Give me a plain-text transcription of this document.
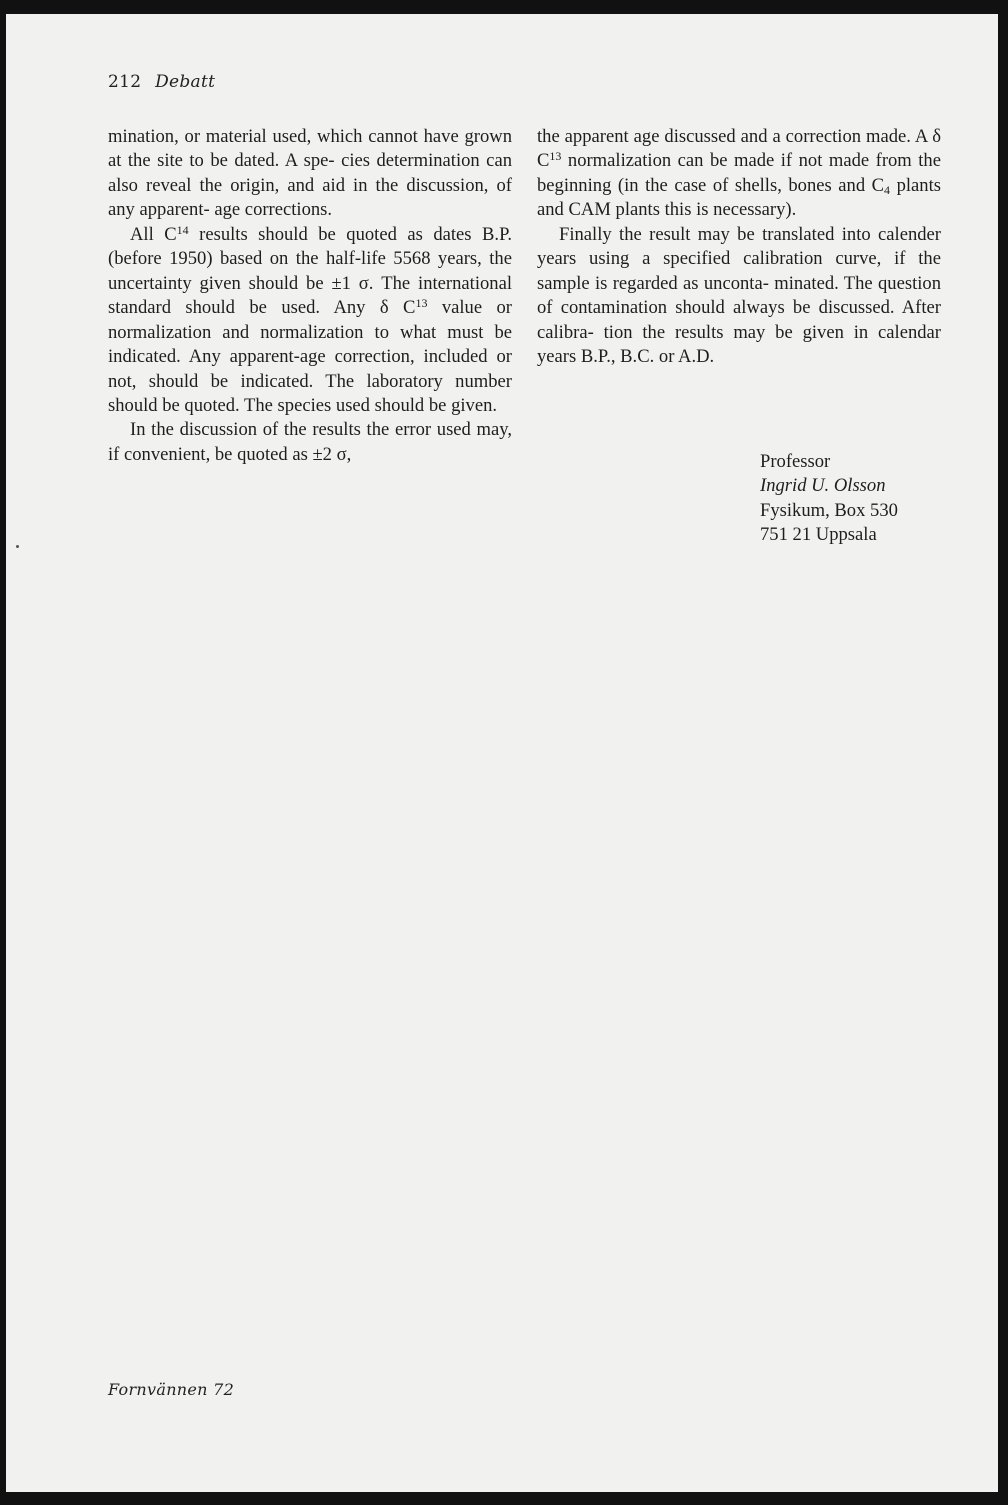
212 Debatt

mination, or material used, which cannot have grown at the site to be dated. A spe- cies determination can also reveal the origin, and aid in the discussion, of any apparent- age corrections.

All $C^{14}$ results should be quoted as dates B.P. (before 1950) based on the half-life 5568 years, the uncertainty given should be ±1 σ. The international standard should be used. Any δ $C^{13}$ value or normalization and normalization to what must be indicated. Any apparent-age correction, included or not, should be indicated. The laboratory number should be quoted. The species used should be given.

In the discussion of the results the error used may, if convenient, be quoted as ±2 σ,

the apparent age discussed and a correction made. A δ $C^{13}$ normalization can be made if not made from the beginning (in the case of shells, bones and $C_4$ plants and CAM plants this is necessary).

Finally the result may be translated into calender years using a specified calibration curve, if the sample is regarded as unconta- minated. The question of contamination should always be discussed. After calibra- tion the results may be given in calendar years B.P., B.C. or A.D.

Professor
Ingrid U. Olsson
Fysikum, Box 530
751 21 Uppsala
Fornvännen 72
